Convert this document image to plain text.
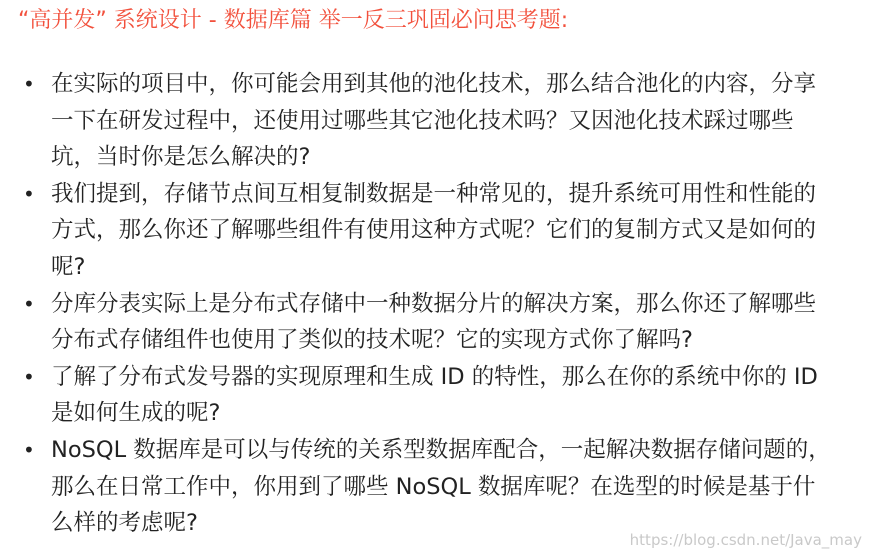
“高并发” 系统设计 - 数据库篇 举一反三巩固必问思考题:
• 在实际的项目中，你可能会用到其他的池化技术，那么结合池化的内容，分享一下在研发过程中，还使用过哪些其它池化技术吗？又因池化技术踩过哪些坑，当时你是怎么解决的?
• 我们提到，存储节点间互相复制数据是一种常见的，提升系统可用性和性能的方式，那么你还了解哪些组件有使用这种方式呢？它们的复制方式又是如何的呢?
• 分库分表实际上是分布式存储中一种数据分片的解决方案，那么你还了解哪些分布式存储组件也使用了类似的技术呢？它的实现方式你了解吗?
• 了解了分布式发号器的实现原理和生成 ID 的特性，那么在你的系统中你的 ID 是如何生成的呢?
• NoSQL 数据库是可以与传统的关系型数据库配合，一起解决数据存储问题的，那么在日常工作中，你用到了哪些 NoSQL 数据库呢？在选型的时候是基于什么样的考虑呢?
https://blog.csdn.net/Java_may
